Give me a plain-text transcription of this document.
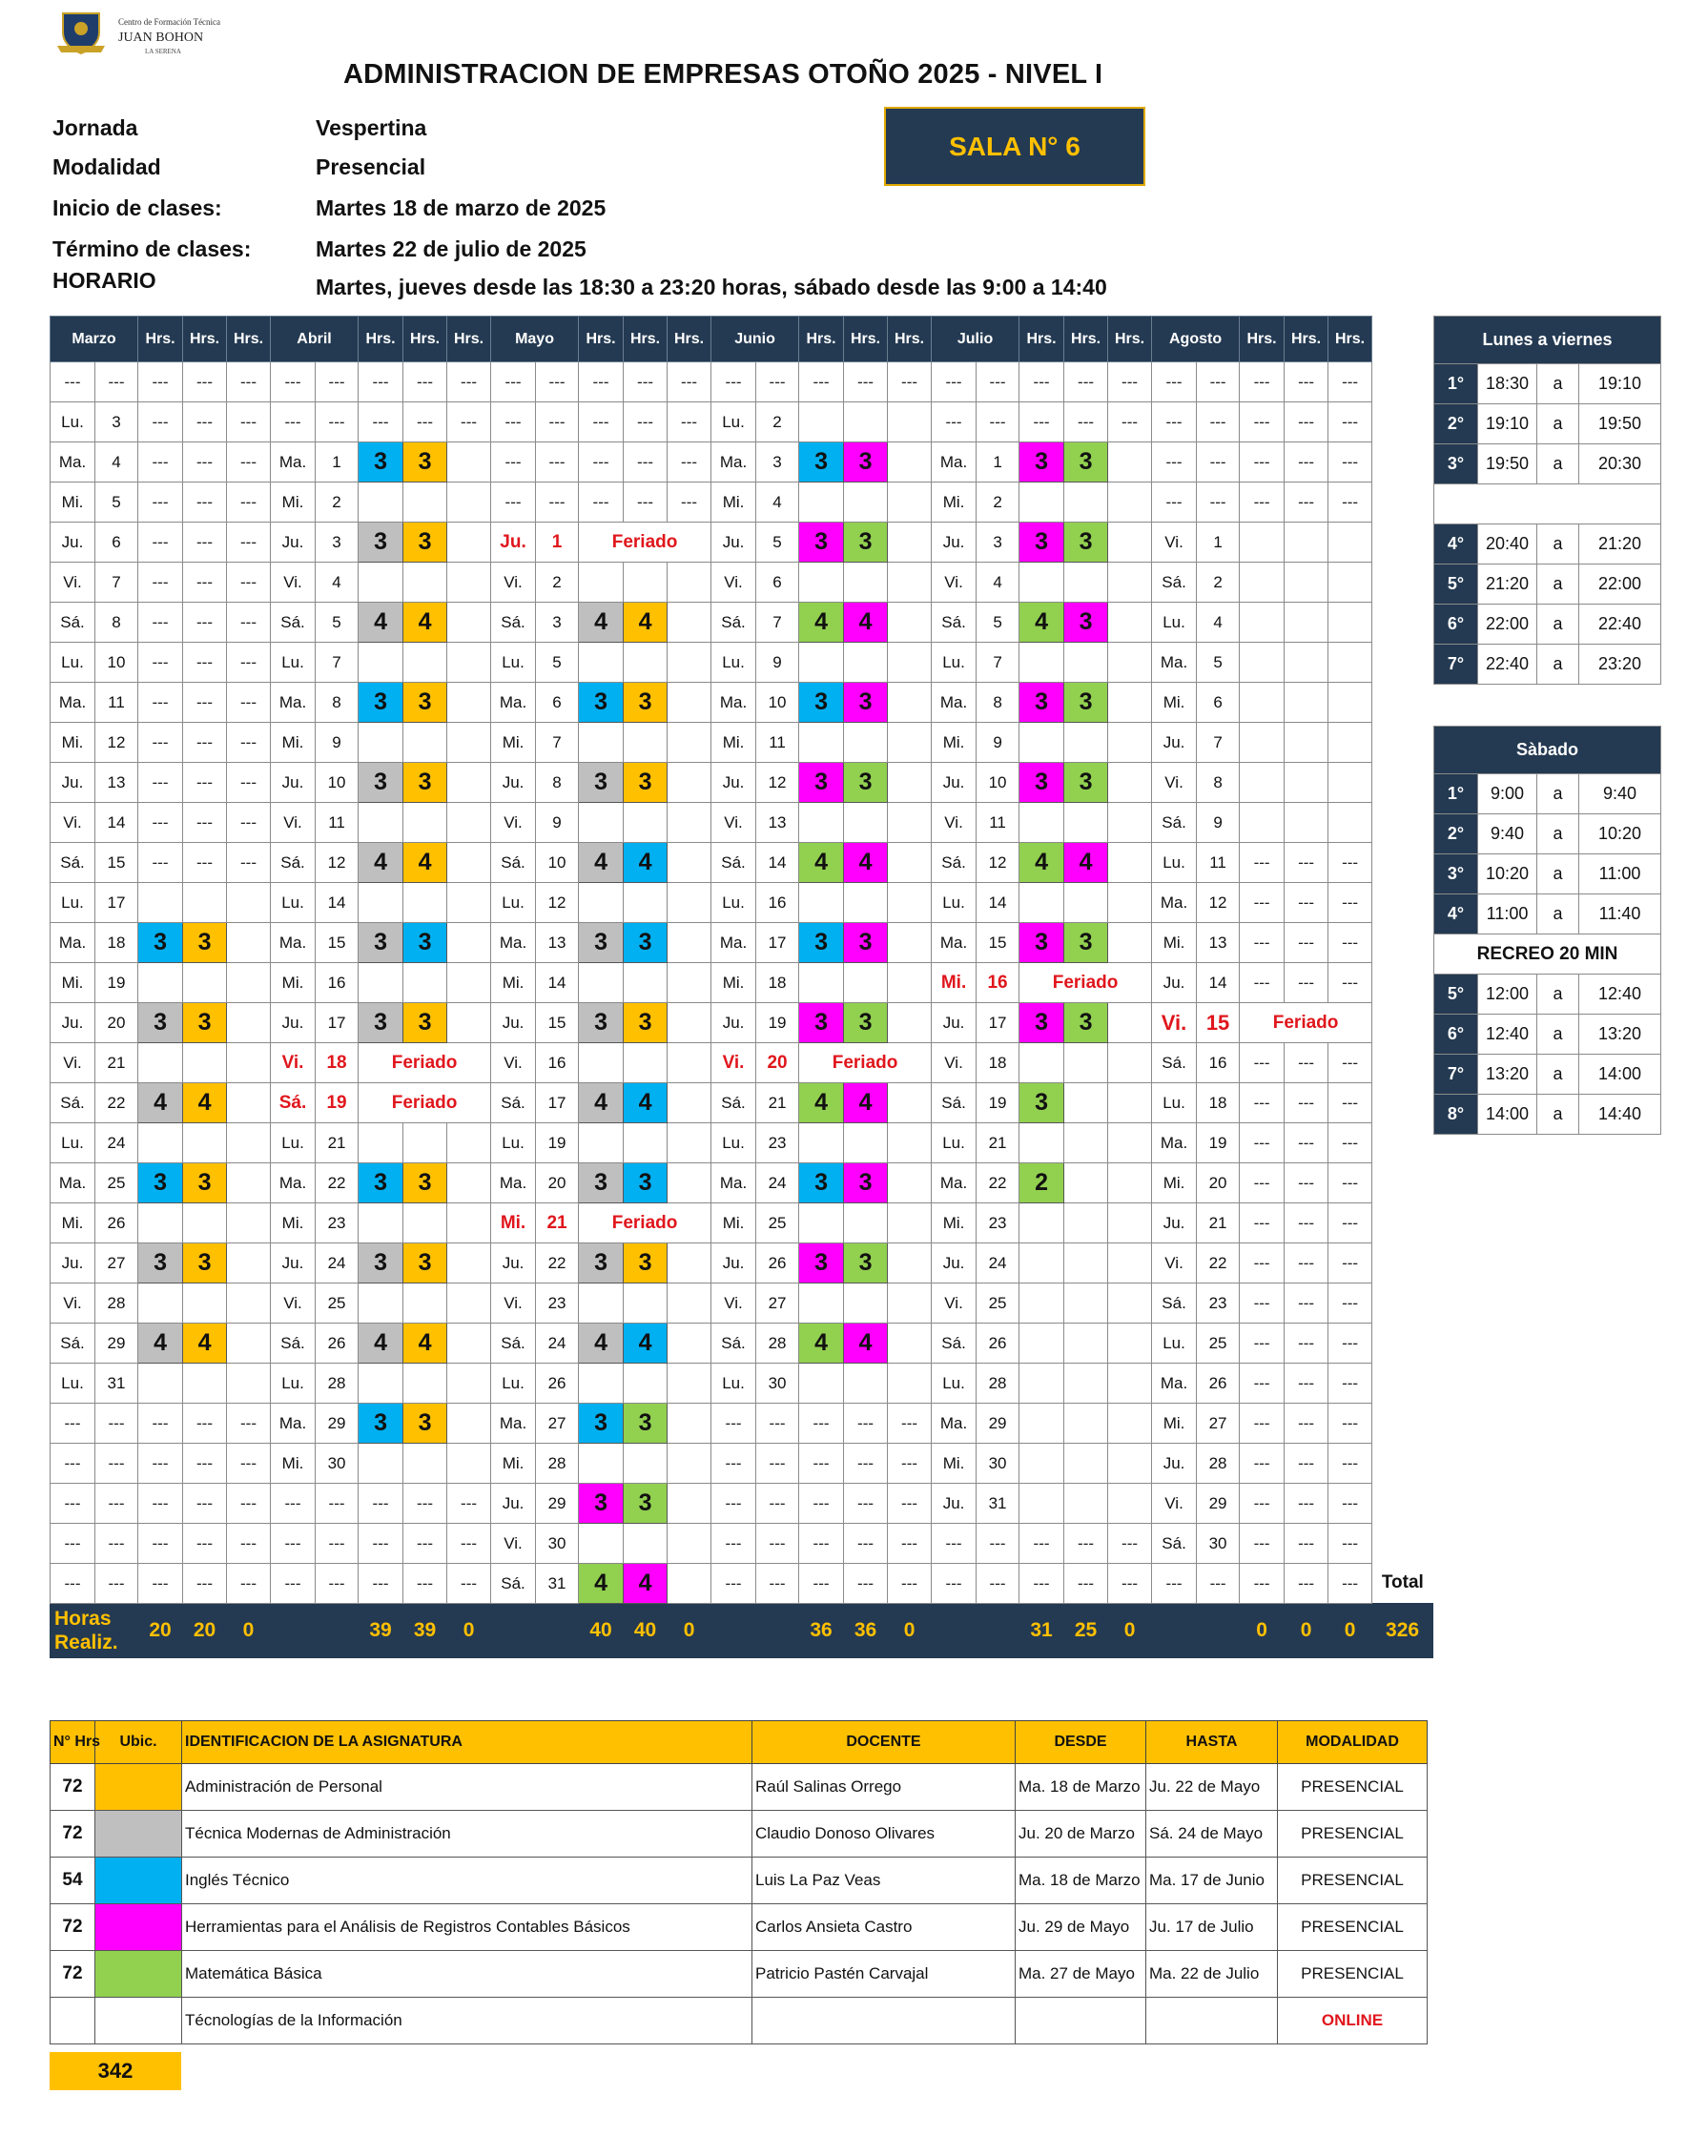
Centro de Formación Técnica
JUAN BOHON
LA SERENA
ADMINISTRACION DE EMPRESAS OTOÑO 2025 - NIVEL I
Jornada	Vespertina
Modalidad	Presencial
Inicio de clases:	Martes 18 de marzo de 2025
Término de clases:	Martes 22 de julio de 2025
HORARIO	Martes, jueves desde las 18:30 a 23:20 horas, sábado desde las 9:00 a 14:40
SALA N° 6
Marzo		Hrs.	Hrs.	Hrs.	Abril		Hrs.	Hrs.	Hrs.	Mayo		Hrs.	Hrs.	Hrs.	Junio		Hrs.	Hrs.	Hrs.	Julio		Hrs.	Hrs.	Hrs.	Agosto		Hrs.	Hrs.	Hrs.	
---	---	---	---	---	---	---	---	---	---	---	---	---	---	---	---	---	---	---	---	---	---	---	---	---	---	---	---	---	---	
Lu.	3	---	---	---	---	---	---	---	---	---	---	---	---	---	Lu.	2				---	---	---	---	---	---	---	---	---	---	
Ma.	4	---	---	---	Ma.	1	3	3		---	---	---	---	---	Ma.	3	3	3		Ma.	1	3	3		---	---	---	---	---	
Mi.	5	---	---	---	Mi.	2				---	---	---	---	---	Mi.	4				Mi.	2				---	---	---	---	---	
Ju.	6	---	---	---	Ju.	3	3	3		Ju.	1	Feriado			Ju.	5	3	3		Ju.	3	3	3		Vi.	1				
Vi.	7	---	---	---	Vi.	4				Vi.	2				Vi.	6				Vi.	4				Sá.	2				
Sá.	8	---	---	---	Sá.	5	4	4		Sá.	3	4	4		Sá.	7	4	4		Sá.	5	4	3		Lu.	4				
Lu.	10	---	---	---	Lu.	7				Lu.	5				Lu.	9				Lu.	7				Ma.	5				
Ma.	11	---	---	---	Ma.	8	3	3		Ma.	6	3	3		Ma.	10	3	3		Ma.	8	3	3		Mi.	6				
Mi.	12	---	---	---	Mi.	9				Mi.	7				Mi.	11				Mi.	9				Ju.	7				
Ju.	13	---	---	---	Ju.	10	3	3		Ju.	8	3	3		Ju.	12	3	3		Ju.	10	3	3		Vi.	8				
Vi.	14	---	---	---	Vi.	11				Vi.	9				Vi.	13				Vi.	11				Sá.	9				
Sá.	15	---	---	---	Sá.	12	4	4		Sá.	10	4	4		Sá.	14	4	4		Sá.	12	4	4		Lu.	11	---	---	---	
Lu.	17				Lu.	14				Lu.	12				Lu.	16				Lu.	14				Ma.	12	---	---	---	
Ma.	18	3	3		Ma.	15	3	3		Ma.	13	3	3		Ma.	17	3	3		Ma.	15	3	3		Mi.	13	---	---	---	
Mi.	19				Mi.	16				Mi.	14				Mi.	18				Mi.	16	Feriado			Ju.	14	---	---	---	
Ju.	20	3	3		Ju.	17	3	3		Ju.	15	3	3		Ju.	19	3	3		Ju.	17	3	3		Vi.	15	Feriado			
Vi.	21				Vi.	18	Feriado			Vi.	16				Vi.	20	Feriado			Vi.	18				Sá.	16	---	---	---	
Sá.	22	4	4		Sá.	19	Feriado			Sá.	17	4	4		Sá.	21	4	4		Sá.	19	3			Lu.	18	---	---	---	
Lu.	24				Lu.	21				Lu.	19				Lu.	23				Lu.	21				Ma.	19	---	---	---	
Ma.	25	3	3		Ma.	22	3	3		Ma.	20	3	3		Ma.	24	3	3		Ma.	22	2			Mi.	20	---	---	---	
Mi.	26				Mi.	23				Mi.	21	Feriado			Mi.	25				Mi.	23				Ju.	21	---	---	---	
Ju.	27	3	3		Ju.	24	3	3		Ju.	22	3	3		Ju.	26	3	3		Ju.	24				Vi.	22	---	---	---	
Vi.	28				Vi.	25				Vi.	23				Vi.	27				Vi.	25				Sá.	23	---	---	---	
Sá.	29	4	4		Sá.	26	4	4		Sá.	24	4	4		Sá.	28	4	4		Sá.	26				Lu.	25	---	---	---	
Lu.	31				Lu.	28				Lu.	26				Lu.	30				Lu.	28				Ma.	26	---	---	---	
---	---	---	---	---	Ma.	29	3	3		Ma.	27	3	3		---	---	---	---	---	Ma.	29				Mi.	27	---	---	---	
---	---	---	---	---	Mi.	30				Mi.	28				---	---	---	---	---	Mi.	30				Ju.	28	---	---	---	
---	---	---	---	---	---	---	---	---	---	Ju.	29	3	3		---	---	---	---	---	Ju.	31				Vi.	29	---	---	---	
---	---	---	---	---	---	---	---	---	---	Vi.	30				---	---	---	---	---	---	---	---	---	---	Sá.	30	---	---	---	
---	---	---	---	---	---	---	---	---	---	Sá.	31	4	4		---	---	---	---	---	---	---	---	---	---	---	---	---	---	---	Total

Horas
Realiz.		20	20	0			39	39	0			40	40	0			36	36	0			31	25	0			0	0	0	326
Lunes a viernes			
1°	18:30	a	19:10
2°	19:10	a	19:50
3°	19:50	a	20:30

4°	20:40	a	21:20
5°	21:20	a	22:00
6°	22:00	a	22:40
7°	22:40	a	23:20
Sàbado			
1°	9:00	a	9:40
2°	9:40	a	10:20
3°	10:20	a	11:00
4°	11:00	a	11:40
RECREO 20 MIN			
5°	12:00	a	12:40
6°	12:40	a	13:20
7°	13:20	a	14:00
8°	14:00	a	14:40
N° Hrs	Ubic.	IDENTIFICACION DE LA ASIGNATURA	DOCENTE	DESDE	HASTA	MODALIDAD
72		Administración de Personal	Raúl Salinas Orrego	Ma. 18 de Marzo	Ju. 22 de Mayo	PRESENCIAL
72		Técnica Modernas de Administración	Claudio Donoso Olivares	Ju. 20 de Marzo	Sá. 24 de Mayo	PRESENCIAL
54		Inglés Técnico	Luis La Paz Veas	Ma. 18 de Marzo	Ma. 17 de Junio	PRESENCIAL
72		Herramientas para el Análisis de Registros Contables Básicos	Carlos Ansieta Castro	Ju. 29 de Mayo	Ju. 17 de Julio	PRESENCIAL
72		Matemática Básica	Patricio Pastén Carvajal	Ma. 27 de Mayo	Ma. 22 de Julio	PRESENCIAL
		Técnologías de la Información				ONLINE
342
